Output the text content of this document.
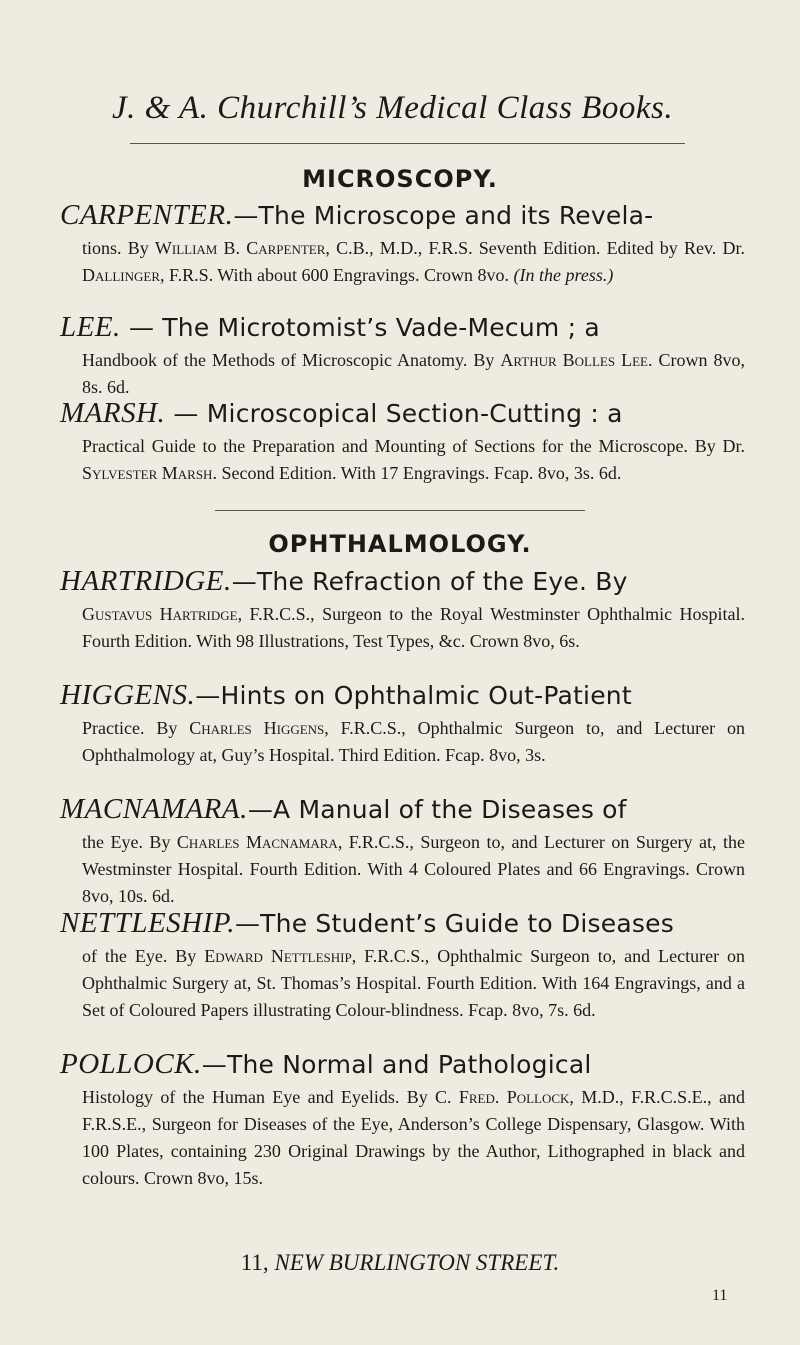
J. & A. Churchill’s Medical Class Books.
MICROSCOPY.
CARPENTER.—The Microscope and its Revela-
tions. By William B. Carpenter, C.B., M.D., F.R.S. Seventh Edition. Edited by Rev. Dr. Dallinger, F.R.S. With about 600 Engravings. Crown 8vo. (In the press.)
LEE. — The Microtomist’s Vade-Mecum ; a
Handbook of the Methods of Microscopic Anatomy. By Arthur Bolles Lee. Crown 8vo, 8s. 6d.
MARSH. — Microscopical Section-Cutting : a
Practical Guide to the Preparation and Mounting of Sections for the Microscope. By Dr. Sylvester Marsh. Second Edition. With 17 Engravings. Fcap. 8vo, 3s. 6d.
OPHTHALMOLOGY.
HARTRIDGE.—The Refraction of the Eye. By
Gustavus Hartridge, F.R.C.S., Surgeon to the Royal Westminster Ophthalmic Hospital. Fourth Edition. With 98 Illustrations, Test Types, &c. Crown 8vo, 6s.
HIGGENS.—Hints on Ophthalmic Out-Patient
Practice. By Charles Higgens, F.R.C.S., Ophthalmic Surgeon to, and Lecturer on Ophthalmology at, Guy’s Hospital. Third Edition. Fcap. 8vo, 3s.
MACNAMARA.—A Manual of the Diseases of
the Eye. By Charles Macnamara, F.R.C.S., Surgeon to, and Lecturer on Surgery at, the Westminster Hospital. Fourth Edition. With 4 Coloured Plates and 66 Engravings. Crown 8vo, 10s. 6d.
NETTLESHIP.—The Student’s Guide to Diseases
of the Eye. By Edward Nettleship, F.R.C.S., Ophthalmic Surgeon to, and Lecturer on Ophthalmic Surgery at, St. Thomas’s Hospital. Fourth Edition. With 164 Engravings, and a Set of Coloured Papers illustrating Colour-blindness. Fcap. 8vo, 7s. 6d.
POLLOCK.—The Normal and Pathological
Histology of the Human Eye and Eyelids. By C. Fred. Pollock, M.D., F.R.C.S.E., and F.R.S.E., Surgeon for Diseases of the Eye, Anderson’s College Dispensary, Glasgow. With 100 Plates, containing 230 Original Drawings by the Author, Lithographed in black and colours. Crown 8vo, 15s.
11, NEW BURLINGTON STREET.
11
